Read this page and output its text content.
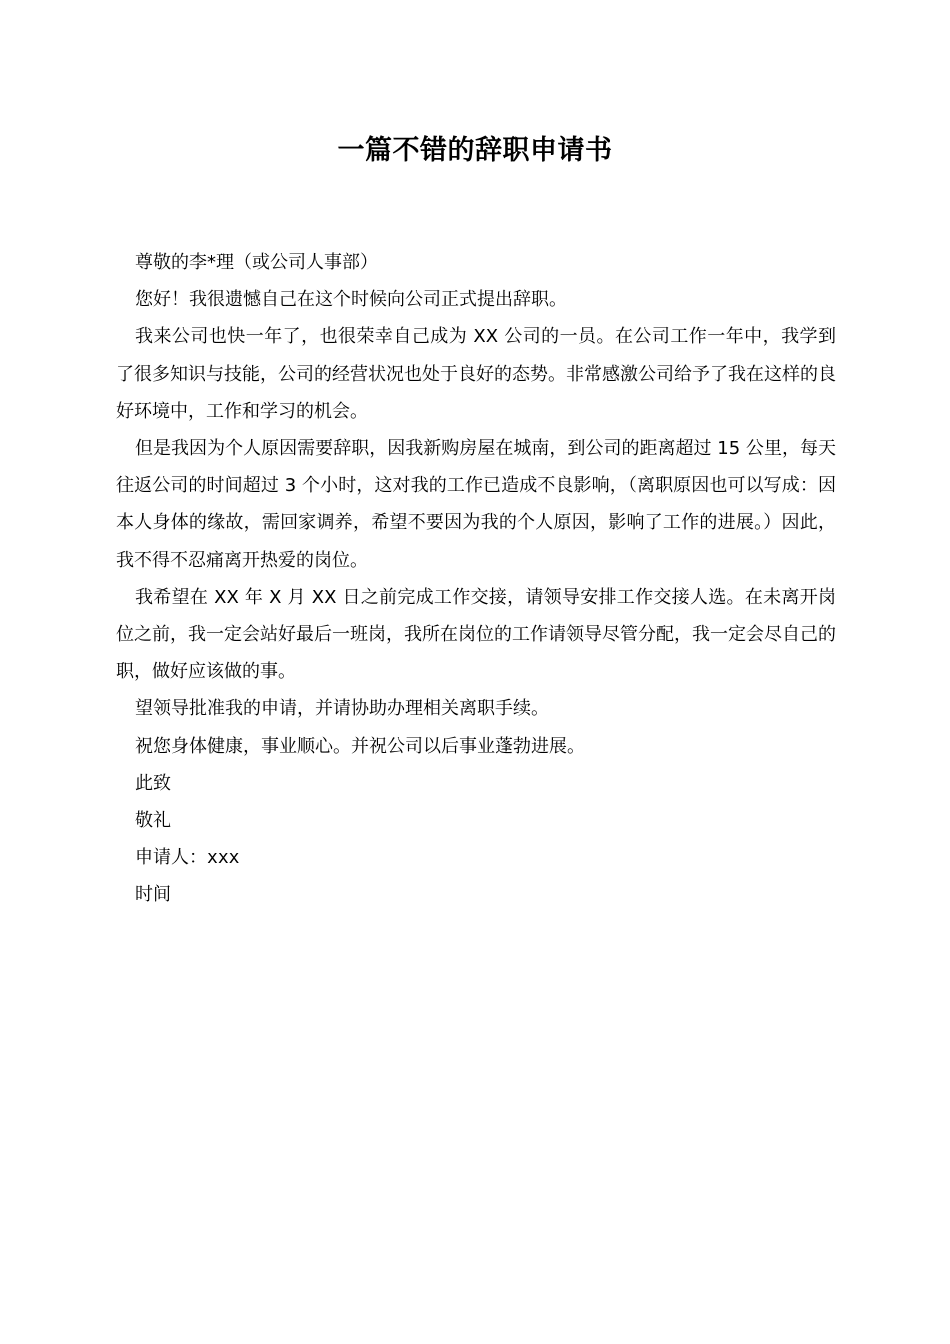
一篇不错的辞职申请书

尊敬的李*理（或公司人事部）

您好！我很遗憾自己在这个时候向公司正式提出辞职。

我来公司也快一年了，也很荣幸自己成为 XX 公司的一员。在公司工作一年中，我学到了很多知识与技能，公司的经营状况也处于良好的态势。非常感激公司给予了我在这样的良好环境中，工作和学习的机会。

但是我因为个人原因需要辞职，因我新购房屋在城南，到公司的距离超过 15 公里，每天往返公司的时间超过 3 个小时，这对我的工作已造成不良影响，（离职原因也可以写成：因本人身体的缘故，需回家调养，希望不要因为我的个人原因，影响了工作的进展。）因此，我不得不忍痛离开热爱的岗位。

我希望在 XX 年 X 月 XX 日之前完成工作交接，请领导安排工作交接人选。在未离开岗位之前，我一定会站好最后一班岗，我所在岗位的工作请领导尽管分配，我一定会尽自己的职，做好应该做的事。

望领导批准我的申请，并请协助办理相关离职手续。

祝您身体健康，事业顺心。并祝公司以后事业蓬勃进展。

此致

敬礼

申请人：xxx

时间
